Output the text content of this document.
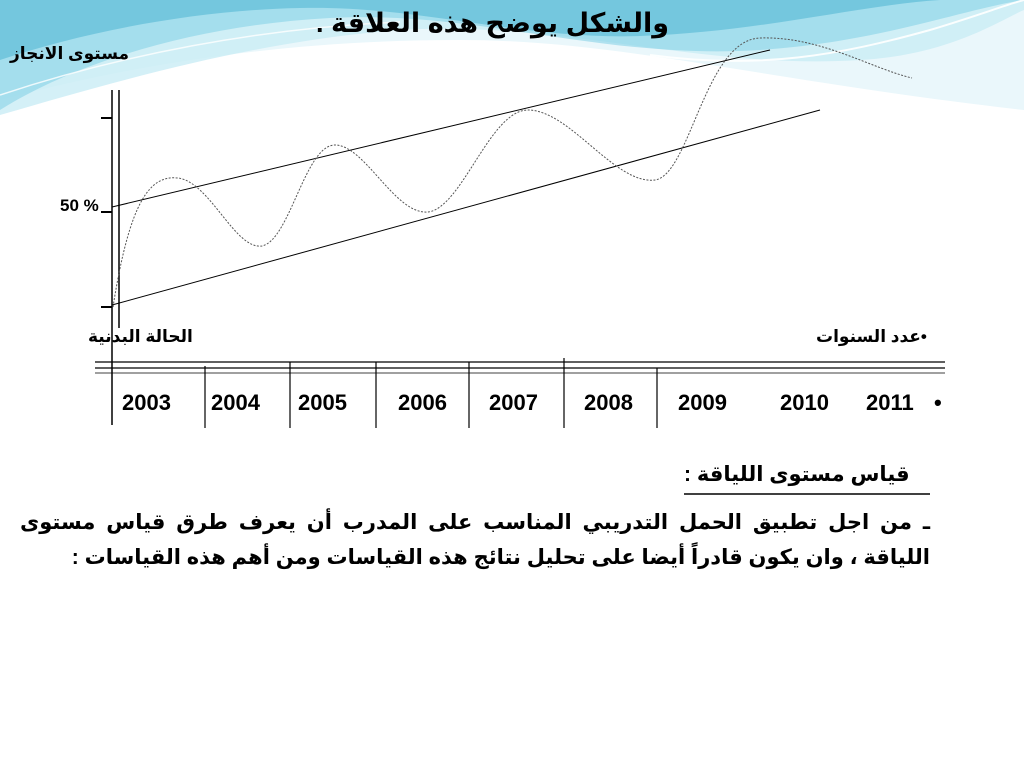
والشكل يوضح هذه العلاقة .
مستوى الانجاز
50 %
الحالة البدنية	•عدد السنوات
2003 2004 2005 2006 2007 2008 2009 2010 2011 •
قياس مستوى اللياقة :
ـ من اجل تطبيق الحمل التدريبي المناسب على المدرب أن يعرف طرق قياس مستوى اللياقة ، وان يكون قادراً أيضا على تحليل نتائج هذه القياسات ومن أهم هذه القياسات :
